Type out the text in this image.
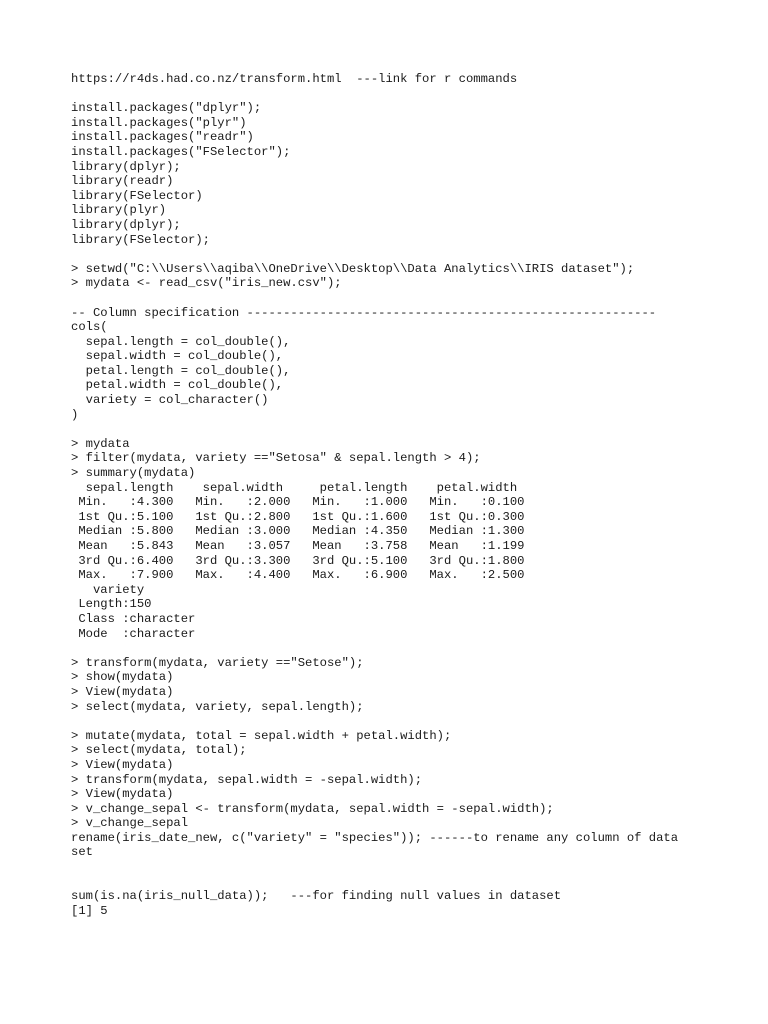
https://r4ds.had.co.nz/transform.html  ---link for r commands
install.packages("dplyr");
install.packages("plyr")
install.packages("readr")
install.packages("FSelector");
library(dplyr);
library(readr)
library(FSelector)
library(plyr)
library(dplyr);
library(FSelector);
> setwd("C:\\Users\\aqiba\\OneDrive\\Desktop\\Data Analytics\\IRIS dataset");
> mydata <- read_csv("iris_new.csv");
-- Column specification --------------------------------------------------------
cols(
sepal.length = col_double(),
sepal.width = col_double(),
petal.length = col_double(),
petal.width = col_double(),
variety = col_character()
)
> mydata
> filter(mydata, variety =="Setosa" & sepal.length > 4);
> summary(mydata)
sepal.length    sepal.width     petal.length    petal.width
Min.   :4.300   Min.   :2.000   Min.   :1.000   Min.   :0.100
1st Qu.:5.100   1st Qu.:2.800   1st Qu.:1.600   1st Qu.:0.300
Median :5.800   Median :3.000   Median :4.350   Median :1.300
Mean   :5.843   Mean   :3.057   Mean   :3.758   Mean   :1.199
3rd Qu.:6.400   3rd Qu.:3.300   3rd Qu.:5.100   3rd Qu.:1.800
Max.   :7.900   Max.   :4.400   Max.   :6.900   Max.   :2.500
variety
Length:150
Class :character
Mode  :character
> transform(mydata, variety =="Setose");
> show(mydata)
> View(mydata)
> select(mydata, variety, sepal.length);
> mutate(mydata, total = sepal.width + petal.width);
> select(mydata, total);
> View(mydata)
> transform(mydata, sepal.width = -sepal.width);
> View(mydata)
> v_change_sepal <- transform(mydata, sepal.width = -sepal.width);
> v_change_sepal
rename(iris_date_new, c("variety" = "species")); ------to rename any column of data
set
sum(is.na(iris_null_data));   ---for finding null values in dataset
[1] 5
